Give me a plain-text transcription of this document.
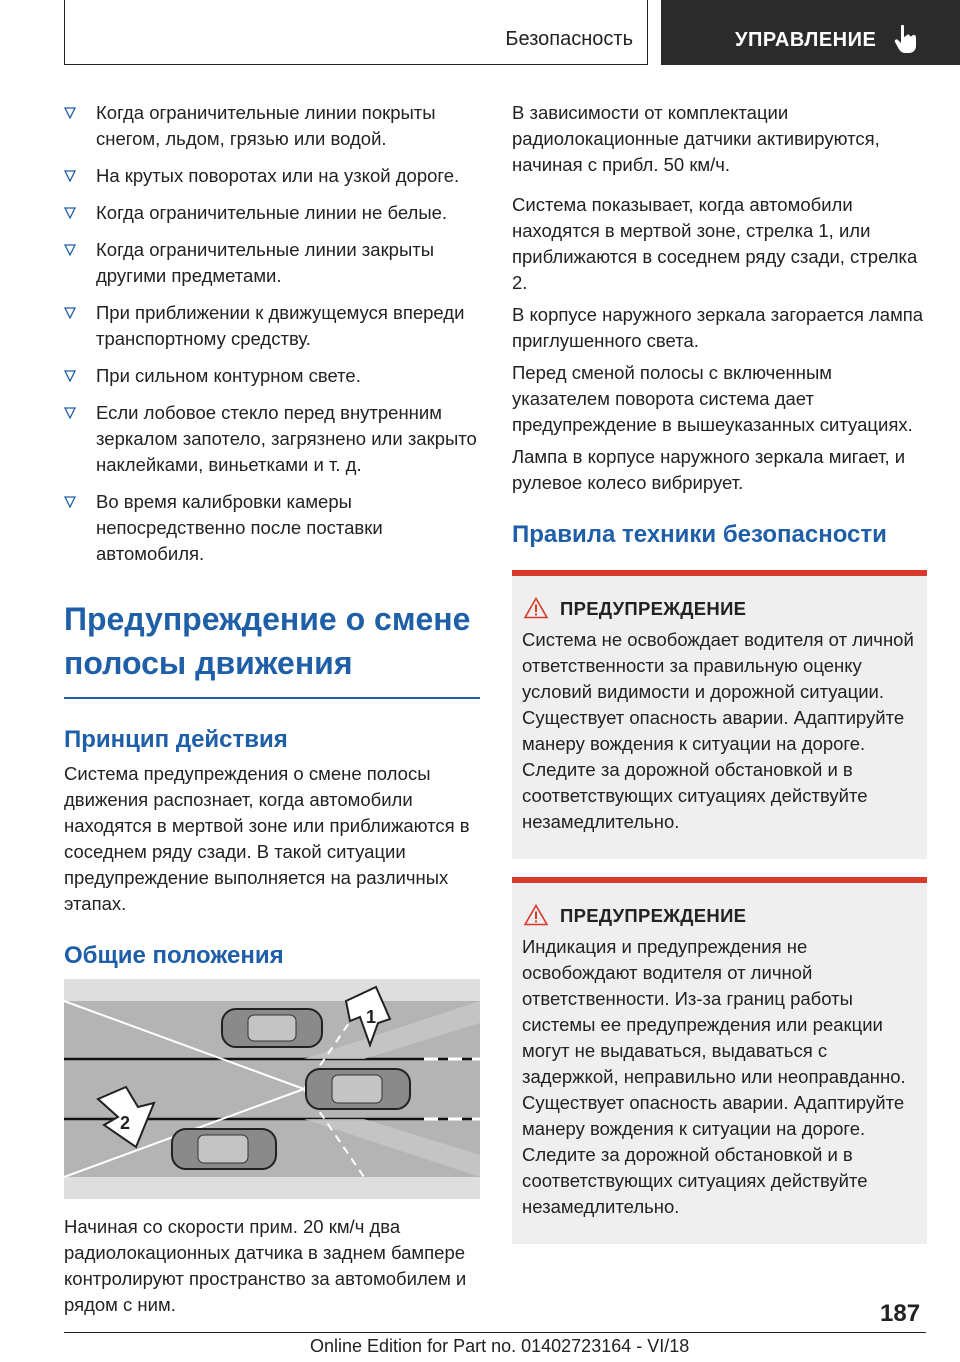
Безопасность	УПРАВЛЕНИЕ
Когда ограничительные линии покрыты снегом, льдом, грязью или водой.
На крутых поворотах или на узкой дороге.
Когда ограничительные линии не белые.
Когда ограничительные линии закрыты другими предметами.
При приближении к движущемуся впереди транспортному средству.
При сильном контурном свете.
Если лобовое стекло перед внутренним зеркалом запотело, загрязнено или закрыто наклейками, виньетками и т. д.
Во время калибровки камеры непосредственно после поставки автомобиля.
Предупреждение о смене полосы движения
Принцип действия

Система предупреждения о смене полосы движения распознает, когда автомобили находятся в мертвой зоне или приближаются в соседнем ряду сзади. В такой ситуации предупреждение выполняется на различных этапах.

Общие положения
1
2

Начиная со скорости прим. 20 км/ч два радиолокационных датчика в заднем бампере контролируют пространство за автомобилем и рядом с ним.

В зависимости от комплектации радиолокационные датчики активируются, начиная с прибл. 50 км/ч.

Система показывает, когда автомобили находятся в мертвой зоне, стрелка 1, или приближаются в соседнем ряду сзади, стрелка 2.

В корпусе наружного зеркала загорается лампа приглушенного света.

Перед сменой полосы с включенным указателем поворота система дает предупреждение в вышеуказанных ситуациях.

Лампа в корпусе наружного зеркала мигает, и рулевое колесо вибрирует.

Правила техники безопасности
ПРЕДУПРЕЖДЕНИЕ

Система не освобождает водителя от личной ответственности за правильную оценку условий видимости и дорожной ситуации. Существует опасность аварии. Адаптируйте манеру вождения к ситуации на дороге. Следите за дорожной обстановкой и в соответствующих ситуациях действуйте незамедлительно.

ПРЕДУПРЕЖДЕНИЕ

Индикация и предупреждения не освобождают водителя от личной ответственности. Из-за границ работы системы ее предупреждения или реакции могут не выдаваться, выдаваться с задержкой, неправильно или неоправданно. Существует опасность аварии. Адаптируйте манеру вождения к ситуации на дороге. Следите за дорожной обстановкой и в соответствующих ситуациях действуйте незамедлительно.

187
Online Edition for Part no. 01402723164 - VI/18
